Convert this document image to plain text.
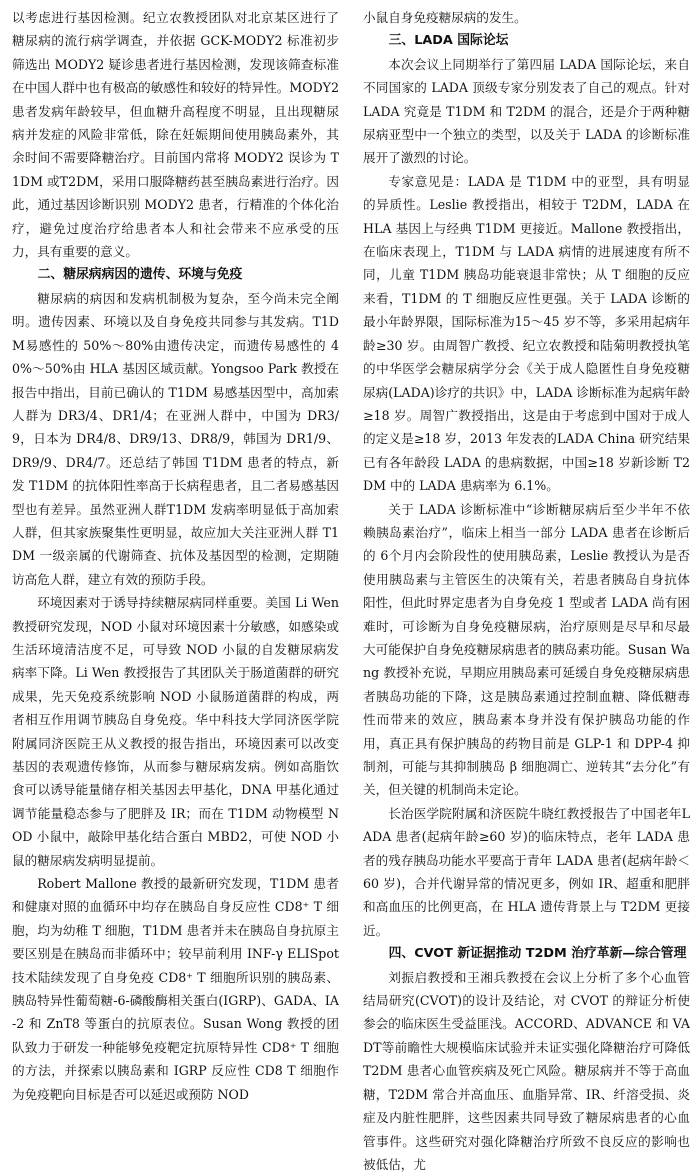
以考虑进行基因检测。纪立农教授团队对北京某区进行了糖尿病的流行病学调查，并依据 GCK-MODY2 标准初步筛选出 MODY2 疑诊患者进行基因检测，发现该筛查标准在中国人群中也有极高的敏感性和较好的特异性。MODY2 患者发病年龄较早，但血糖升高程度不明显，且出现糖尿病并发症的风险非常低，除在妊娠期间使用胰岛素外，其余时间不需要降糖治疗。目前国内常将 MODY2 误诊为 T1DM 或T2DM，采用口服降糖药甚至胰岛素进行治疗。因此，通过基因诊断识别 MODY2 患者，行精准的个体化治疗，避免过度治疗给患者本人和社会带来不应承受的压力，具有重要的意义。

二、糖尿病病因的遗传、环境与免疫

糖尿病的病因和发病机制极为复杂，至今尚未完全阐明。遗传因素、环境以及自身免疫共同参与其发病。T1DM易感性的 50%～80%由遗传决定，而遗传易感性的 40%～50%由 HLA 基因区域贡献。Yongsoo Park 教授在报告中指出，目前已确认的 T1DM 易感基因型中，高加索人群为 DR3/4、DR1/4；在亚洲人群中，中国为 DR3/9，日本为 DR4/8、DR9/13、DR8/9，韩国为 DR1/9、DR9/9、DR4/7。还总结了韩国 T1DM 患者的特点，新发 T1DM 的抗体阳性率高于长病程患者，且二者易感基因型也有差异。虽然亚洲人群T1DM 发病率明显低于高加索人群，但其家族聚集性更明显，故应加大关注亚洲人群 T1DM 一级亲属的代谢筛查、抗体及基因型的检测，定期随访高危人群，建立有效的预防手段。

环境因素对于诱导持续糖尿病同样重要。美国 Li Wen 教授研究发现，NOD 小鼠对环境因素十分敏感，如感染或生活环境清洁度不足，可导致 NOD 小鼠的自发糖尿病发病率下降。Li Wen 教授报告了其团队关于肠道菌群的研究成果，先天免疫系统影响 NOD 小鼠肠道菌群的构成，两者相互作用调节胰岛自身免疫。华中科技大学同济医学院附属同济医院王从义教授的报告指出，环境因素可以改变基因的表观遗传修饰，从而参与糖尿病发病。例如高脂饮食可以诱导能量储存相关基因去甲基化，DNA 甲基化通过调节能量稳态参与了肥胖及 IR；而在 T1DM 动物模型 NOD 小鼠中，敲除甲基化结合蛋白 MBD2，可使 NOD 小鼠的糖尿病发病明显提前。

Robert Mallone 教授的最新研究发现，T1DM 患者和健康对照的血循环中均存在胰岛自身反应性 CD8⁺ T 细胞，均为幼稚 T 细胞，T1DM 患者并未在胰岛自身抗原主要区别是在胰岛而非循环中；较早前利用 INF-γ ELISpot 技术陆续发现了自身免疫 CD8⁺ T 细胞所识别的胰岛素、胰岛特异性葡萄糖-6-磷酸酶相关蛋白(IGRP)、GADA、IA-2 和 ZnT8 等蛋白的抗原表位。Susan Wong 教授的团队致力于研发一种能够免疫靶定抗原特异性 CD8⁺ T 细胞的方法，并探索以胰岛素和 IGRP 反应性 CD8 T 细胞作为免疫靶向目标是否可以延迟或预防 NOD

小鼠自身免疫糖尿病的发生。

三、LADA 国际论坛

本次会议上同期举行了第四届 LADA 国际论坛，来自不同国家的 LADA 顶级专家分别发表了自己的观点。针对LADA 究竟是 T1DM 和 T2DM 的混合，还是介于两种糖尿病亚型中一个独立的类型，以及关于 LADA 的诊断标准展开了激烈的讨论。

专家意见是：LADA 是 T1DM 中的亚型，具有明显的异质性。Leslie 教授指出，相较于 T2DM，LADA 在 HLA 基因上与经典 T1DM 更接近。Mallone 教授指出，在临床表现上，T1DM 与 LADA 病情的进展速度有所不同，儿童 T1DM 胰岛功能衰退非常快；从 T 细胞的反应来看，T1DM 的 T 细胞反应性更强。关于 LADA 诊断的最小年龄界限，国际标准为15～45 岁不等，多采用起病年龄≥30 岁。由周智广教授、纪立农教授和陆菊明教授执笔的中华医学会糖尿病学分会《关于成人隐匿性自身免疫糖尿病(LADA)诊疗的共识》中，LADA 诊断标准为起病年龄≥18 岁。周智广教授指出，这是由于考虑到中国对于成人的定义是≥18 岁，2013 年发表的LADA China 研究结果已有各年龄段 LADA 的患病数据，中国≥18 岁新诊断 T2DM 中的 LADA 患病率为 6.1%。

关于 LADA 诊断标准中“诊断糖尿病后至少半年不依赖胰岛素治疗”，临床上相当一部分 LADA 患者在诊断后的 6个月内会阶段性的使用胰岛素，Leslie 教授认为是否使用胰岛素与主管医生的决策有关，若患者胰岛自身抗体阳性，但此时界定患者为自身免疫 1 型或者 LADA 尚有困难时，可诊断为自身免疫糖尿病，治疗原则是尽早和尽最大可能保护自身免疫糖尿病患者的胰岛素功能。Susan Wang 教授补充说，早期应用胰岛素可延缓自身免疫糖尿病患者胰岛功能的下降，这是胰岛素通过控制血糖、降低糖毒性而带来的效应，胰岛素本身并没有保护胰岛功能的作用，真正具有保护胰岛的药物目前是 GLP-1 和 DPP-4 抑制剂，可能与其抑制胰岛 β 细胞凋亡、逆转其“去分化”有关，但关键的机制尚未定论。

长治医学院附属和济医院牛晓红教授报告了中国老年LADA 患者(起病年龄≥60 岁)的临床特点，老年 LADA 患者的残存胰岛功能水平要高于青年 LADA 患者(起病年龄＜60 岁)，合并代谢异常的情况更多，例如 IR、超重和肥胖和高血压的比例更高，在 HLA 遗传背景上与 T2DM 更接近。

四、CVOT 新证据推动 T2DM 治疗革新—综合管理

刘振启教授和王湘兵教授在会议上分析了多个心血管结局研究(CVOT)的设计及结论，对 CVOT 的辩证分析使参会的临床医生受益匪浅。ACCORD、ADVANCE 和 VADT等前瞻性大规模临床试验并未证实强化降糖治疗可降低T2DM 患者心血管疾病及死亡风险。糖尿病并不等于高血糖，T2DM 常合并高血压、血脂异常、IR、纤溶受损、炎症及内脏性肥胖，这些因素共同导致了糖尿病患者的心血管事件。这些研究对强化降糖治疗所致不良反应的影响也被低估，尤
